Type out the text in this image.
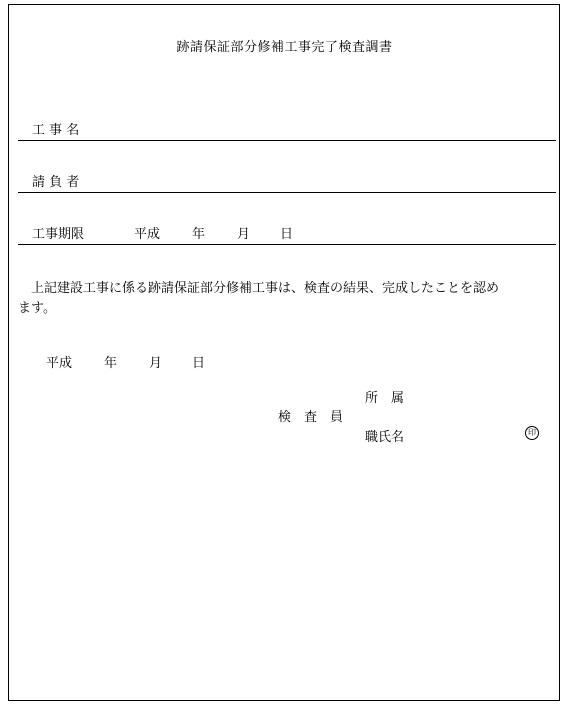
跡請保証部分修補工事完了検査調書
工 事 名
請 負 者
工事期限	平成 年 月 日
上記建設工事に係る跡請保証部分修補工事は、検査の結果、完成したことを認め
ます。
平成 年 月 日
所　属
検　査　員
職氏名	印
